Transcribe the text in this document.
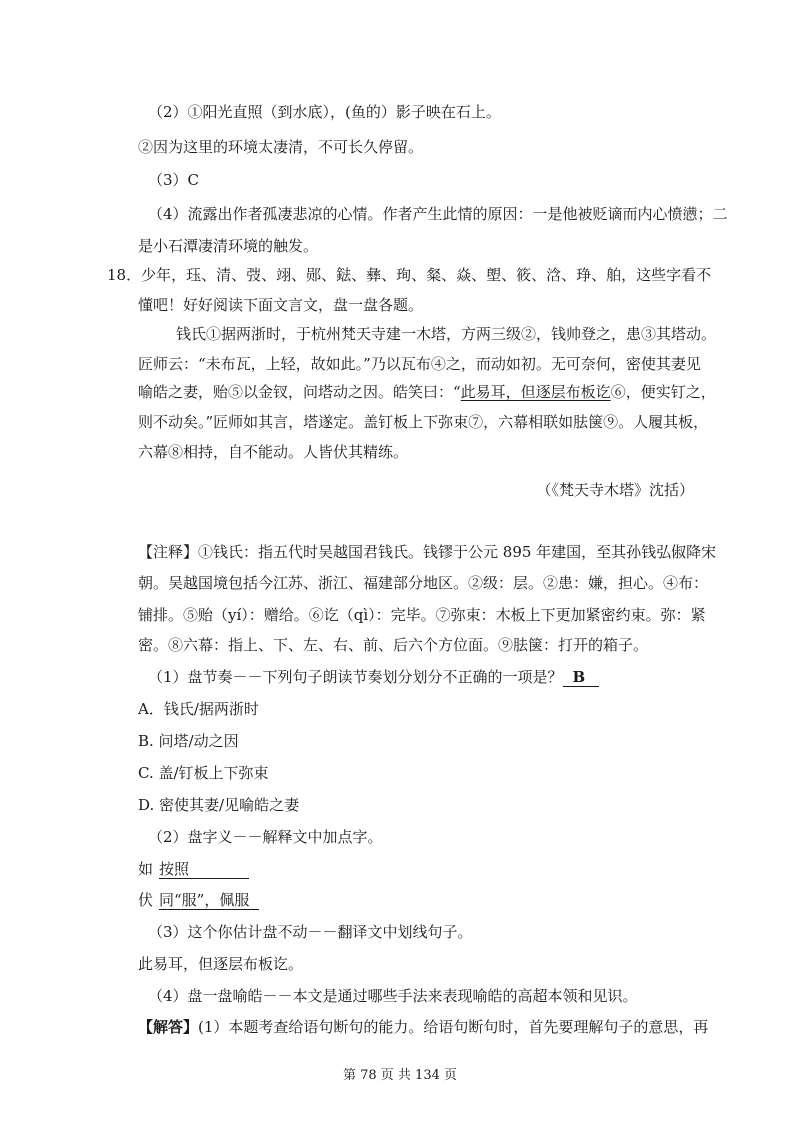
（2）①阳光直照（到水底），(鱼的）影子映在石上。
②因为这里的环境太凄清，不可长久停留。
（3）C
（4）流露出作者孤凄悲凉的心情。作者产生此情的原因：一是他被贬谪而内心愤懑；二
是小石潭凄清环境的触发。
18．少年，珏、清、弢、翊、郧、鍅、彝、珣、粲、焱、塱、筱、浛、琤、舶，这些字看不
懂吧！好好阅读下面文言文，盘一盘各题。
钱氏①据两浙时，于杭州梵天寺建一木塔，方两三级②，钱帅登之，患③其塔动。
匠师云：“未布瓦，上轻，故如此。”乃以瓦布④之，而动如初。无可奈何，密使其妻见
喻皓之妻，贻⑤以金钗，问塔动之因。皓笑曰：“此易耳，但逐层布板讫⑥，便实钉之，
则不动矣。”匠师如其言，塔遂定。盖钉板上下弥束⑦，六幕相联如胠箧⑨。人履其板，
六幕⑧相持，自不能动。人皆伏其精练。
（《梵天寺木塔》沈括）
【注释】①钱氏：指五代时吴越国君钱氏。钱镠于公元 895 年建国，至其孙钱弘俶降宋
朝。吴越国境包括今江苏、浙江、福建部分地区。②级：层。②患：嫌，担心。④布：
铺排。⑤贻（yí）：赠给。⑥讫（qì）：完毕。⑦弥束：木板上下更加紧密约束。弥：紧
密。⑧六幕：指上、下、左、右、前、后六个方位面。⑨胠箧：打开的箱子。
（1）盘节奏－－下列句子朗读节奏划分划分不正确的一项是？ B
A．钱氏/据两浙时
B. 问塔/动之因
C. 盖/钉板上下弥束
D. 密使其妻/见喻皓之妻
（2）盘字义－－解释文中加点字。
如 按照
伏 同“服”，佩服
（3）这个你估计盘不动－－翻译文中划线句子。
此易耳，但逐层布板讫。
（4）盘一盘喻皓－－本文是通过哪些手法来表现喻皓的高超本领和见识。
【解答】(1）本题考查给语句断句的能力。给语句断句时，首先要理解句子的意思，再
第 78 页 共 134 页
